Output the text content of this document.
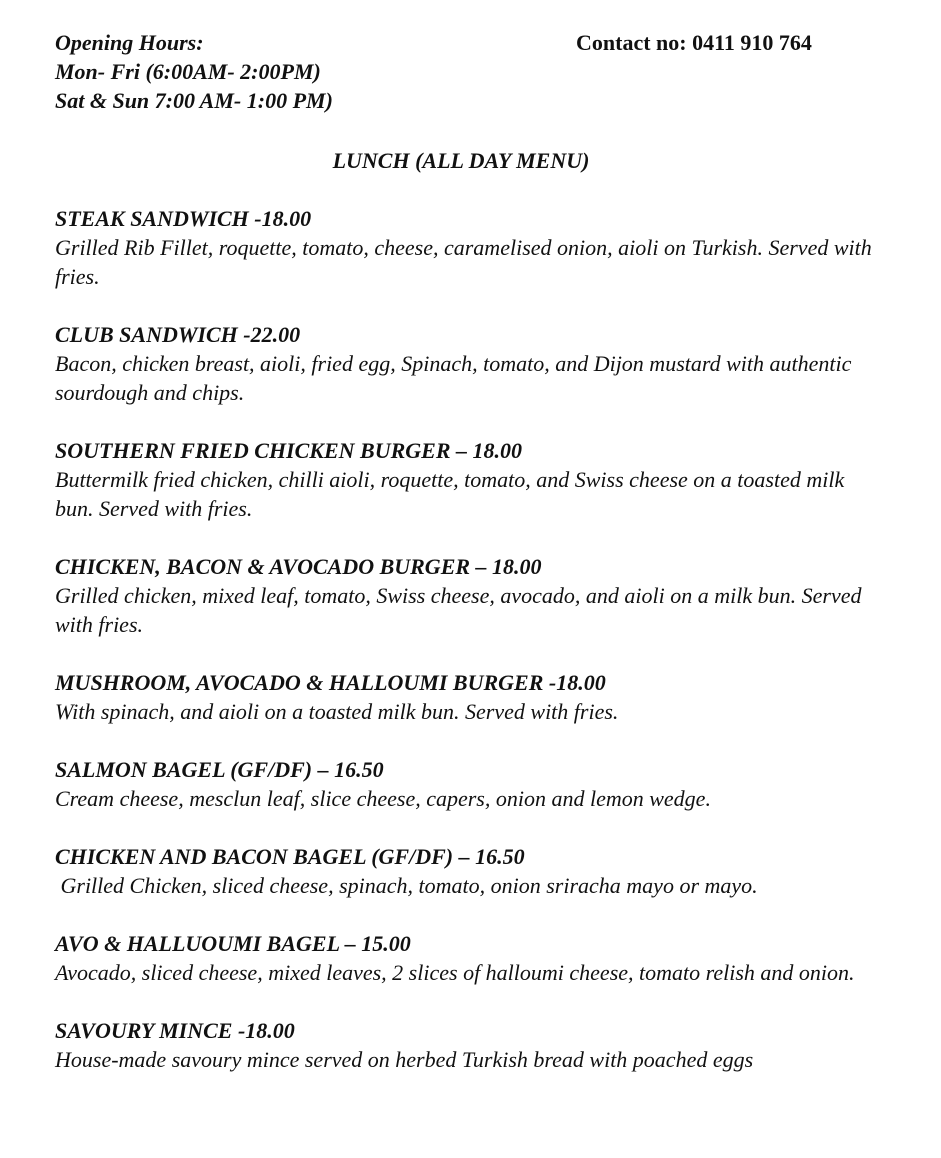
Opening Hours:
Mon- Fri (6:00AM- 2:00PM)
Sat & Sun 7:00 AM- 1:00 PM)
Contact no: 0411 910 764
LUNCH (ALL DAY MENU)
STEAK SANDWICH -18.00
Grilled Rib Fillet, roquette, tomato, cheese, caramelised onion, aioli on Turkish. Served with fries.
CLUB SANDWICH -22.00
Bacon, chicken breast, aioli, fried egg, Spinach, tomato, and Dijon mustard with authentic sourdough and chips.
SOUTHERN FRIED CHICKEN BURGER – 18.00
Buttermilk fried chicken, chilli aioli, roquette, tomato, and Swiss cheese on a toasted milk bun. Served with fries.
CHICKEN, BACON & AVOCADO BURGER – 18.00
Grilled chicken, mixed leaf, tomato, Swiss cheese, avocado, and aioli on a milk bun. Served with fries.
MUSHROOM, AVOCADO & HALLOUMI BURGER -18.00
With spinach, and aioli on a toasted milk bun. Served with fries.
SALMON BAGEL (GF/DF) – 16.50
Cream cheese, mesclun leaf, slice cheese, capers, onion and lemon wedge.
CHICKEN AND BACON BAGEL (GF/DF) – 16.50
Grilled Chicken, sliced cheese, spinach, tomato, onion sriracha mayo or mayo.
AVO & HALLUOUMI BAGEL – 15.00
Avocado, sliced cheese, mixed leaves, 2 slices of halloumi cheese, tomato relish and onion.
SAVOURY MINCE -18.00
House-made savoury mince served on herbed Turkish bread with poached eggs
